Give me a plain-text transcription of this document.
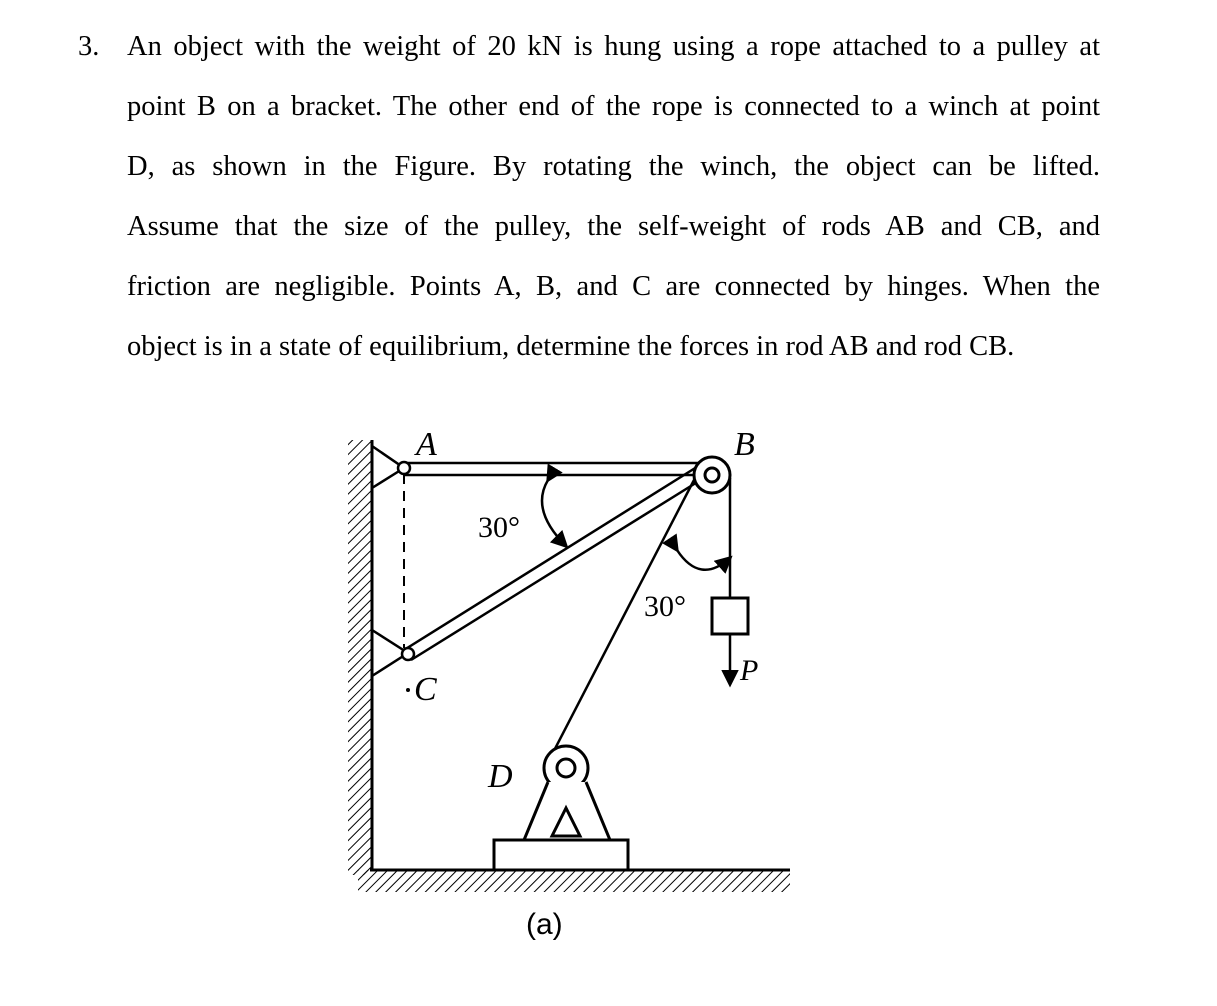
3. An object with the weight of 20 kN is hung using a rope attached to a pulley at
point B on a bracket. The other end of the rope is connected to a winch at point
D, as shown in the Figure. By rotating the winch, the object can be lifted.
Assume that the size of the pulley, the self-weight of rods AB and CB, and
friction are negligible. Points A, B, and C are connected by hinges. When the
object is in a state of equilibrium, determine the forces in rod AB and rod CB.
A	B
C
D
P
30°
30°
(a)
